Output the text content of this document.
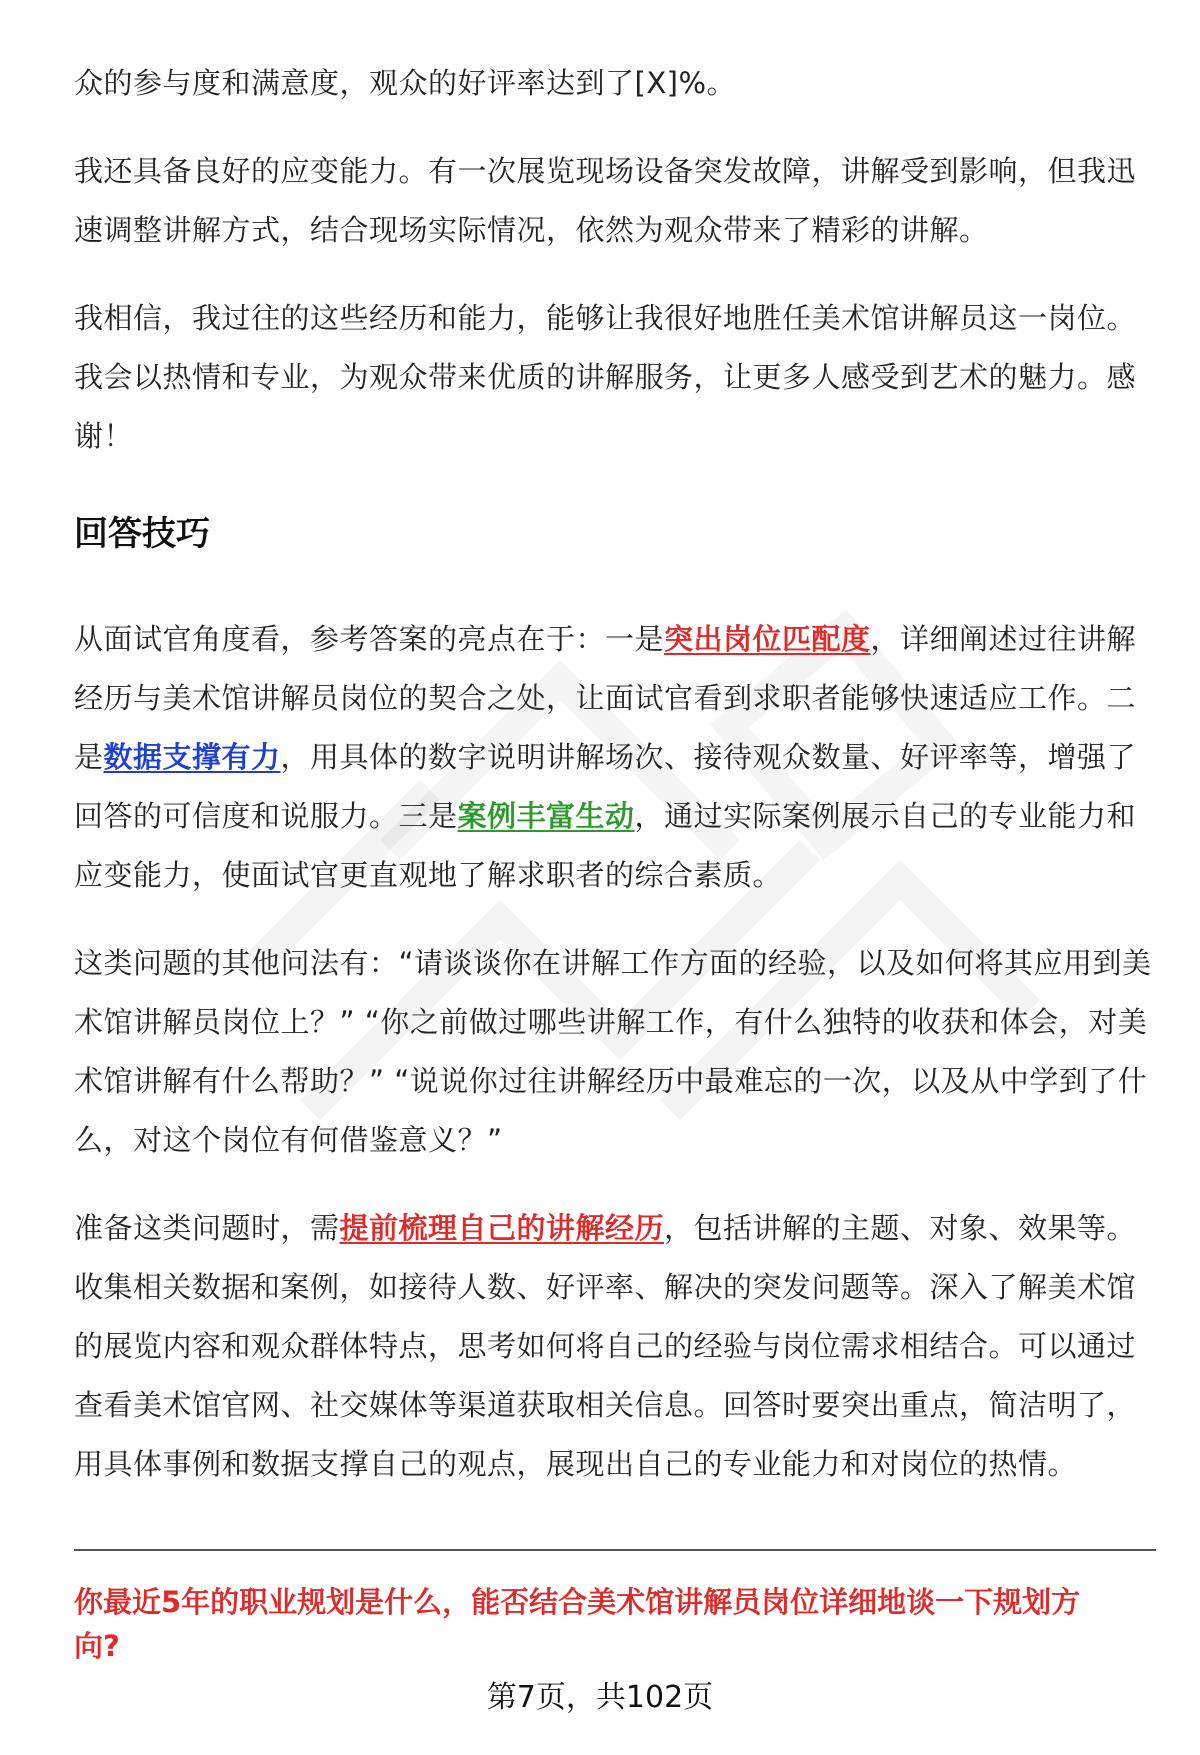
众的参与度和满意度，观众的好评率达到了[X]%。

我还具备良好的应变能力。有一次展览现场设备突发故障，讲解受到影响，但我迅速调整讲解方式，结合现场实际情况，依然为观众带来了精彩的讲解。

我相信，我过往的这些经历和能力，能够让我很好地胜任美术馆讲解员这一岗位。我会以热情和专业，为观众带来优质的讲解服务，让更多人感受到艺术的魅力。感谢！

回答技巧

从面试官角度看，参考答案的亮点在于：一是突出岗位匹配度，详细阐述过往讲解经历与美术馆讲解员岗位的契合之处，让面试官看到求职者能够快速适应工作。二是数据支撑有力，用具体的数字说明讲解场次、接待观众数量、好评率等，增强了回答的可信度和说服力。三是案例丰富生动，通过实际案例展示自己的专业能力和应变能力，使面试官更直观地了解求职者的综合素质。

这类问题的其他问法有：“请谈谈你在讲解工作方面的经验，以及如何将其应用到美术馆讲解员岗位上？” “你之前做过哪些讲解工作，有什么独特的收获和体会，对美术馆讲解有什么帮助？” “说说你过往讲解经历中最难忘的一次，以及从中学到了什么，对这个岗位有何借鉴意义？”

准备这类问题时，需提前梳理自己的讲解经历，包括讲解的主题、对象、效果等。收集相关数据和案例，如接待人数、好评率、解决的突发问题等。深入了解美术馆的展览内容和观众群体特点，思考如何将自己的经验与岗位需求相结合。可以通过查看美术馆官网、社交媒体等渠道获取相关信息。回答时要突出重点，简洁明了，用具体事例和数据支撑自己的观点，展现出自己的专业能力和对岗位的热情。

你最近5年的职业规划是什么，能否结合美术馆讲解员岗位详细地谈一下规划方向?
第7页，共102页
